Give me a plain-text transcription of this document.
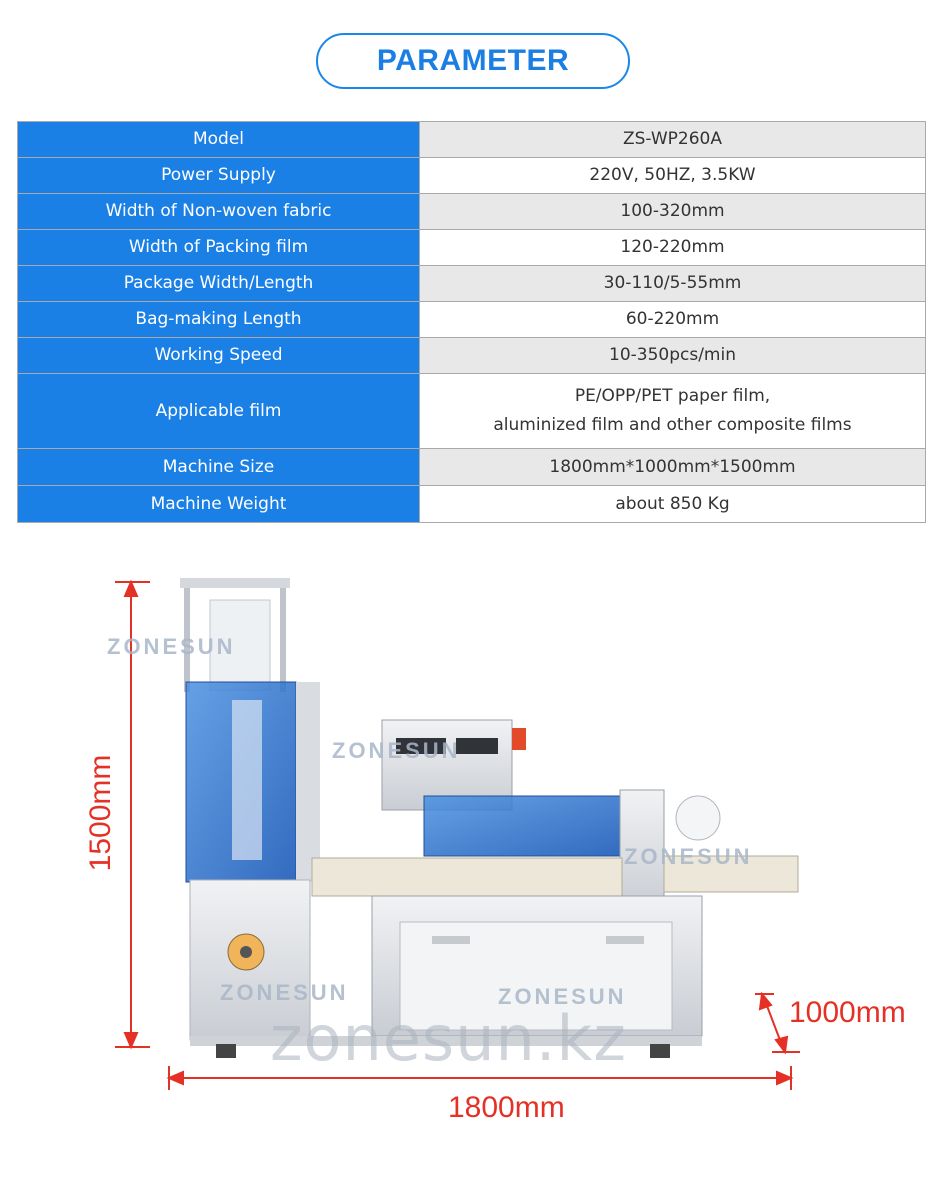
PARAMETER
Model	ZS-WP260A
Power Supply	220V, 50HZ, 3.5KW
Width of Non-woven fabric	100-320mm
Width of Packing film	120-220mm
Package Width/Length	30-110/5-55mm
Bag-making Length	60-220mm
Working Speed	10-350pcs/min
Applicable film	PE/OPP/PET paper film,
aluminized film and other composite films

Machine Size	1800mm*1000mm*1500mm
Machine Weight	about 850 Kg
ZONESUN
ZONESUN
ZONESUN
ZONESUN	ZONESUN
zonesun.kz
1500mm
1000mm
1800mm
